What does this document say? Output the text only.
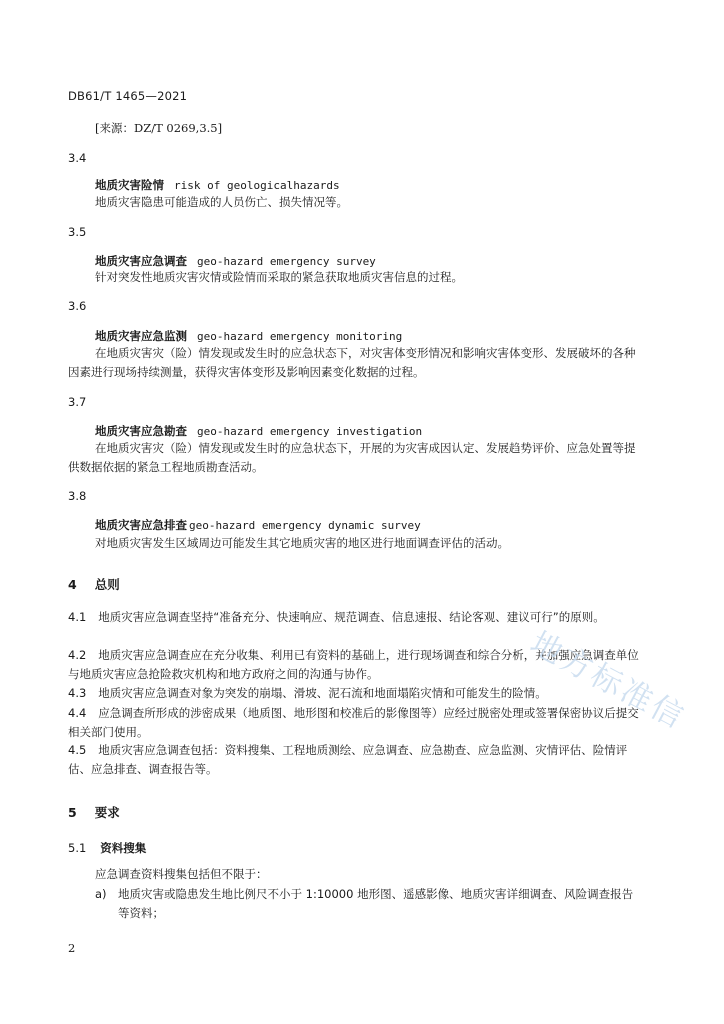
DB61/T 1465—2021
[来源：DZ/T 0269,3.5]
3.4
地质灾害险情 risk of geologicalhazards
地质灾害隐患可能造成的人员伤亡、损失情况等。
3.5
地质灾害应急调查 geo-hazard emergency survey
针对突发性地质灾害灾情或险情而采取的紧急获取地质灾害信息的过程。
3.6
地质灾害应急监测 geo-hazard emergency monitoring
在地质灾害灾（险）情发现或发生时的应急状态下，对灾害体变形情况和影响灾害体变形、发展破坏的各种因素进行现场持续测量，获得灾害体变形及影响因素变化数据的过程。
3.7
地质灾害应急勘查 geo-hazard emergency investigation
在地质灾害灾（险）情发现或发生时的应急状态下，开展的为灾害成因认定、发展趋势评价、应急处置等提供数据依据的紧急工程地质勘查活动。
3.8
地质灾害应急排查 geo-hazard emergency dynamic survey
对地质灾害发生区域周边可能发生其它地质灾害的地区进行地面调查评估的活动。
4 总则
4.1 地质灾害应急调查坚持“准备充分、快速响应、规范调查、信息速报、结论客观、建议可行”的原则。
4.2 地质灾害应急调查应在充分收集、利用已有资料的基础上，进行现场调查和综合分析，并加强应急调查单位与地质灾害应急抢险救灾机构和地方政府之间的沟通与协作。
4.3 地质灾害应急调查对象为突发的崩塌、滑坡、泥石流和地面塌陷灾情和可能发生的险情。
4.4 应急调查所形成的涉密成果（地质图、地形图和校准后的影像图等）应经过脱密处理或签署保密协议后提交相关部门使用。
4.5 地质灾害应急调查包括：资料搜集、工程地质测绘、应急调查、应急勘查、应急监测、灾情评估、险情评估、应急排查、调查报告等。
5 要求
5.1 资料搜集
应急调查资料搜集包括但不限于：
a) 地质灾害或隐患发生地比例尺不小于 1:10000 地形图、遥感影像、地质灾害详细调查、风险调查报告等资料；
2
地方标准信
